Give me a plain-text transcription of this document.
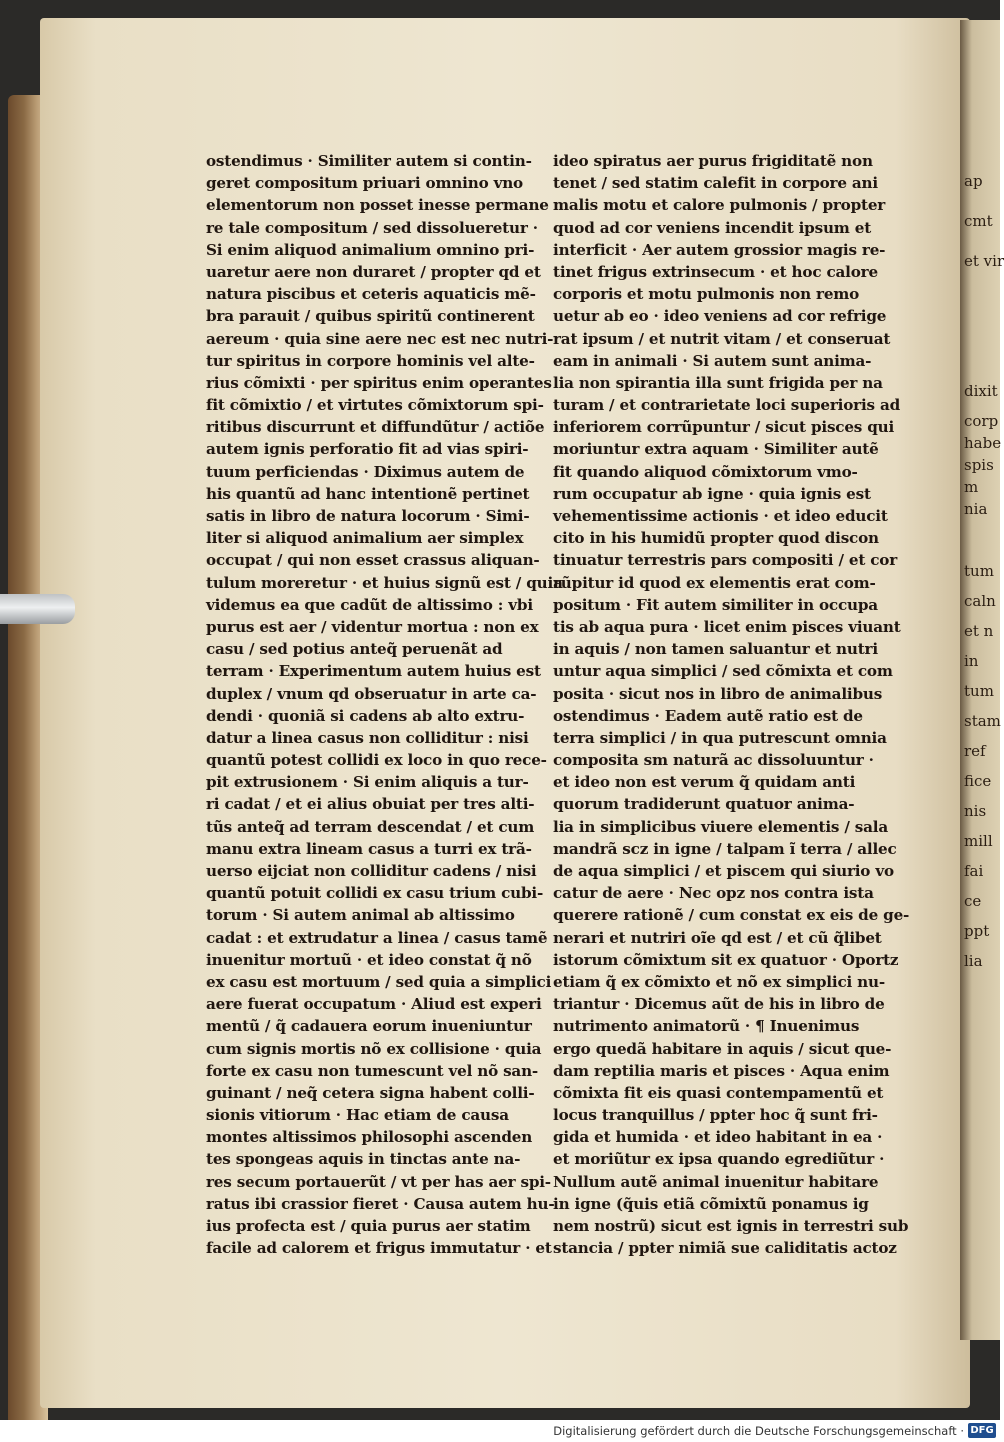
ap
cmt
et vir
dixit
corp
habe
spis
m
nia
tum
caln
et n
in
tum
stam
ref
fice
nis
mill
fai
ce
ppt
lia
ostendimus · Similiter autem si contin-
geret compositum priuari omnino vno
elementorum non posset inesse permane
re tale compositum / sed dissolueretur ·
Si enim aliquod animalium omnino pri-
uaretur aere non duraret / propter qd et
natura piscibus et ceteris aquaticis mẽ-
bra parauit / quibus spiritũ continerent
aereum · quia sine aere nec est nec nutri-
tur spiritus in corpore hominis vel alte-
rius cõmixti · per spiritus enim operantes
fit cõmixtio / et virtutes cõmixtorum spi-
ritibus discurrunt et diffundũtur / actiõe
autem ignis perforatio fit ad vias spiri-
tuum perficiendas · Diximus autem de
his quantũ ad hanc intentionẽ pertinet
satis in libro de natura locorum · Simi-
liter si aliquod animalium aer simplex
occupat / qui non esset crassus aliquan-
tulum moreretur · et huius signũ est / quia
videmus ea que cadũt de altissimo : vbi
purus est aer / videntur mortua : non ex
casu / sed potius anteq̃ peruenãt ad
terram · Experimentum autem huius est
duplex / vnum qd obseruatur in arte ca-
dendi · quoniã si cadens ab alto extru-
datur a linea casus non colliditur : nisi
quantũ potest collidi ex loco in quo rece-
pit extrusionem · Si enim aliquis a tur-
ri cadat / et ei alius obuiat per tres alti-
tũs anteq̃ ad terram descendat / et cum
manu extra lineam casus a turri ex trã-
uerso eijciat non colliditur cadens / nisi
quantũ potuit collidi ex casu trium cubi-
torum · Si autem animal ab altissimo
cadat : et extrudatur a linea / casus tamẽ
inuenitur mortuũ · et ideo constat q̃ nõ
ex casu est mortuum / sed quia a simplici
aere fuerat occupatum · Aliud est experi
mentũ / q̃ cadauera eorum inueniuntur
cum signis mortis nõ ex collisione · quia
forte ex casu non tumescunt vel nõ san-
guinant / neq̃ cetera signa habent colli-
sionis vitiorum · Hac etiam de causa
montes altissimos philosophi ascenden
tes spongeas aquis in tinctas ante na-
res secum portauerũt / vt per has aer spi-
ratus ibi crassior fieret · Causa autem hu-
ius profecta est / quia purus aer statim
facile ad calorem et frigus immutatur · et
ideo spiratus aer purus frigiditatẽ non
tenet / sed statim calefit in corpore ani
malis motu et calore pulmonis / propter
quod ad cor veniens incendit ipsum et
interficit · Aer autem grossior magis re-
tinet frigus extrinsecum · et hoc calore
corporis et motu pulmonis non remo
uetur ab eo · ideo veniens ad cor refrige
rat ipsum / et nutrit vitam / et conseruat
eam in animali · Si autem sunt anima-
lia non spirantia illa sunt frigida per na
turam / et contrarietate loci superioris ad
inferiorem corrũpuntur / sicut pisces qui
moriuntur extra aquam · Similiter autẽ
fit quando aliquod cõmixtorum vmo-
rum occupatur ab igne · quia ignis est
vehementissime actionis · et ideo educit
cito in his humidũ propter quod discon
tinuatur terrestris pars compositi / et cor
rũpitur id quod ex elementis erat com-
positum · Fit autem similiter in occupa
tis ab aqua pura · licet enim pisces viuant
in aquis / non tamen saluantur et nutri
untur aqua simplici / sed cõmixta et com
posita · sicut nos in libro de animalibus
ostendimus · Eadem autẽ ratio est de
terra simplici / in qua putrescunt omnia
composita sm naturã ac dissoluuntur ·
et ideo non est verum q̃ quidam anti
quorum tradiderunt quatuor anima-
lia in simplicibus viuere elementis / sala
mandrã scz in igne / talpam ĩ terra / allec
de aqua simplici / et piscem qui siurio vo
catur de aere · Nec opz nos contra ista
querere rationẽ / cum constat ex eis de ge-
nerari et nutriri oĩe qd est / et cũ q̃libet
istorum cõmixtum sit ex quatuor · Oportz
etiam q̃ ex cõmixto et nõ ex simplici nu-
triantur · Dicemus aũt de his in libro de
nutrimento animatorũ · ¶ Inuenimus
ergo quedã habitare in aquis / sicut que-
dam reptilia maris et pisces · Aqua enim
cõmixta fit eis quasi contempamentũ et
locus tranquillus / ppter hoc q̃ sunt fri-
gida et humida · et ideo habitant in ea ·
et moriũtur ex ipsa quando egrediũtur ·
Nullum autẽ animal inuenitur habitare
in igne (q̃uis etiã cõmixtũ ponamus ig
nem nostrũ) sicut est ignis in terrestri sub
stancia / ppter nimiã sue caliditatis actoz
Digitalisierung gefördert durch die Deutsche Forschungsgemeinschaft · DFG
